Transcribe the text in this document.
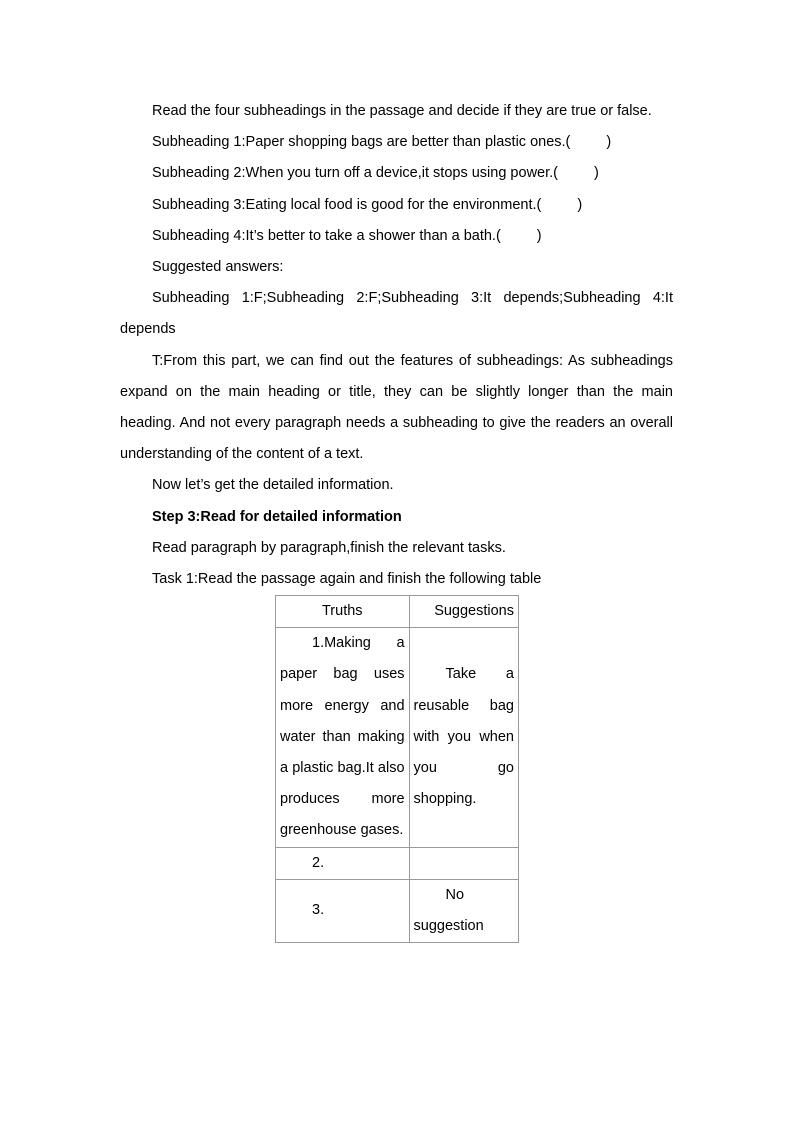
Read the four subheadings in the passage and decide if they are true or false.

Subheading 1:Paper shopping bags are better than plastic ones.( )

Subheading 2:When you turn off a device,it stops using power.( )

Subheading 3:Eating local food is good for the environment.( )

Subheading 4:It’s better to take a shower than a bath.( )

Suggested answers:

Subheading 1:F;Subheading 2:F;Subheading 3:It depends;Subheading 4:It

depends

T:From this part, we can find out the features of subheadings: As subheadings expand on the main heading or title, they can be slightly longer than the main heading. And not every paragraph needs a subheading to give the readers an overall understanding of the content of a text.

Now let’s get the detailed information.

Step 3:Read for detailed information

Read paragraph by paragraph,finish the relevant tasks.

Task 1:Read the passage again and finish the following table

Truths	Suggestions
1.Making a paper bag uses more energy and water than making a plastic bag.It also produces more greenhouse gases.	Take a reusable bag with you when you go shopping.
2.	
3.	No suggestion
